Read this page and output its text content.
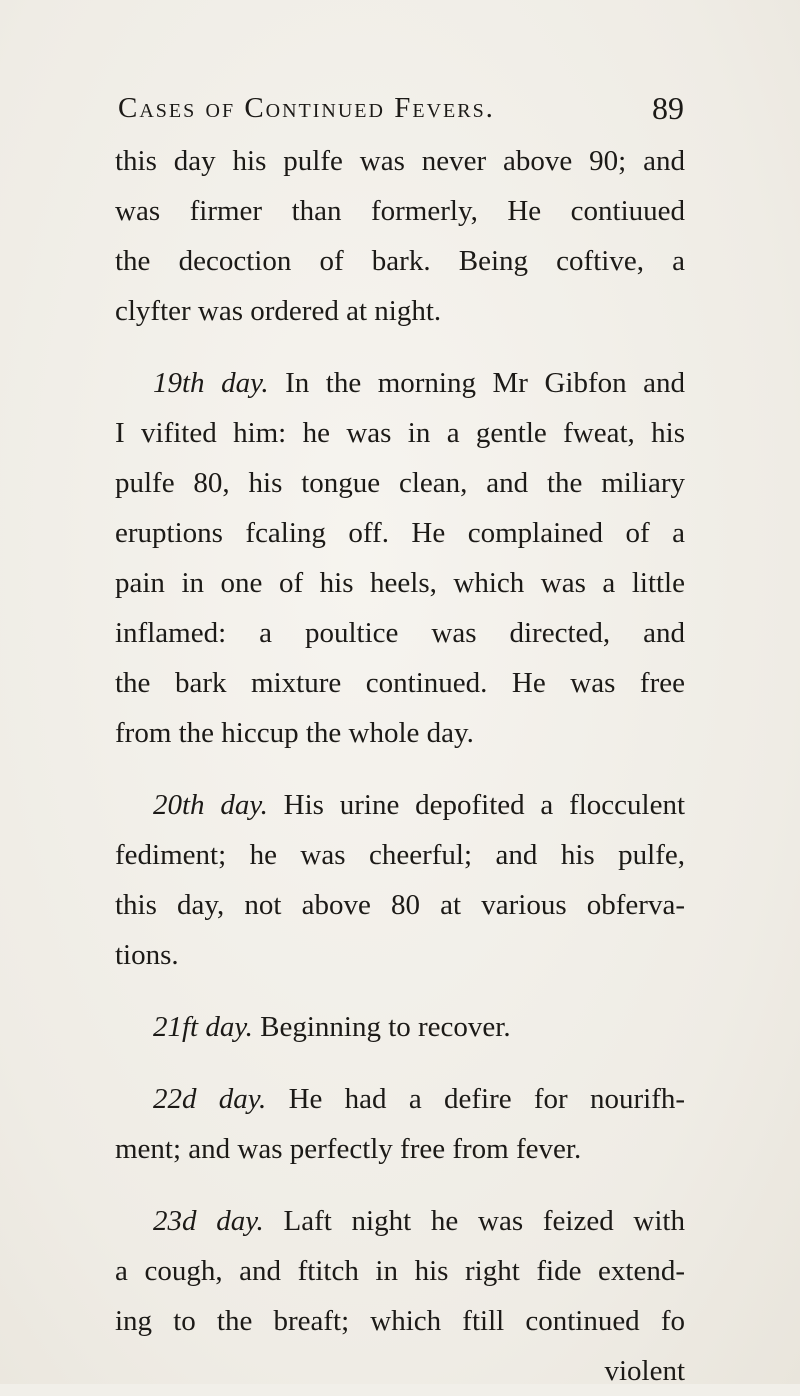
Cases of Continued Fevers.	89
this day his pulfe was never above 90; and
was firmer than formerly, He contiuued
the decoction of bark. Being coftive, a
clyfter was ordered at night.
19th day. In the morning Mr Gibfon and
I vifited him: he was in a gentle fweat, his
pulfe 80, his tongue clean, and the miliary
eruptions fcaling off. He complained of a
pain in one of his heels, which was a little
inflamed: a poultice was directed, and
the bark mixture continued. He was free
from the hiccup the whole day.
20th day. His urine depofited a flocculent
fediment; he was cheerful; and his pulfe,
this day, not above 80 at various obferva-
tions.
21ft day. Beginning to recover.
22d day. He had a defire for nourifh-
ment; and was perfectly free from fever.
23d day. Laft night he was feized with
a cough, and ftitch in his right fide extend-
ing to the breaft; which ftill continued fo
violent
